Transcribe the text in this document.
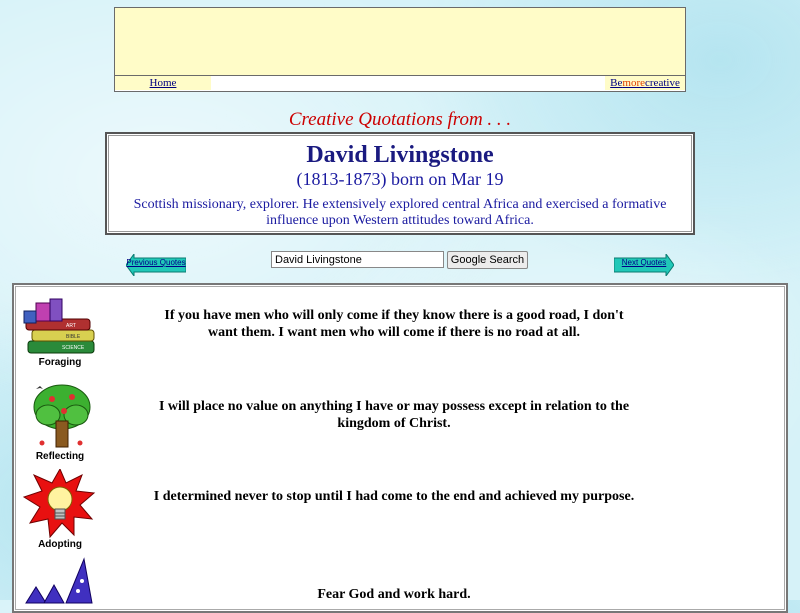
Home	Bemorecreative
Creative Quotations from . . .
David Livingstone
(1813-1873) born on Mar 19
Scottish missionary, explorer. He extensively explored central Africa and exercised a formative influence upon Western attitudes toward Africa.
Previous Quotes
David Livingstone	Google Search	Next Quotes
ART
BIBLE
SCIENCE
Foraging
Reflecting
Adopting
If you have men who will only come if they know there is a good road, I don't want them. I want men who will come if there is no road at all.
I will place no value on anything I have or may possess except in relation to the kingdom of Christ.
I determined never to stop until I had come to the end and achieved my purpose.
Fear God and work hard.
